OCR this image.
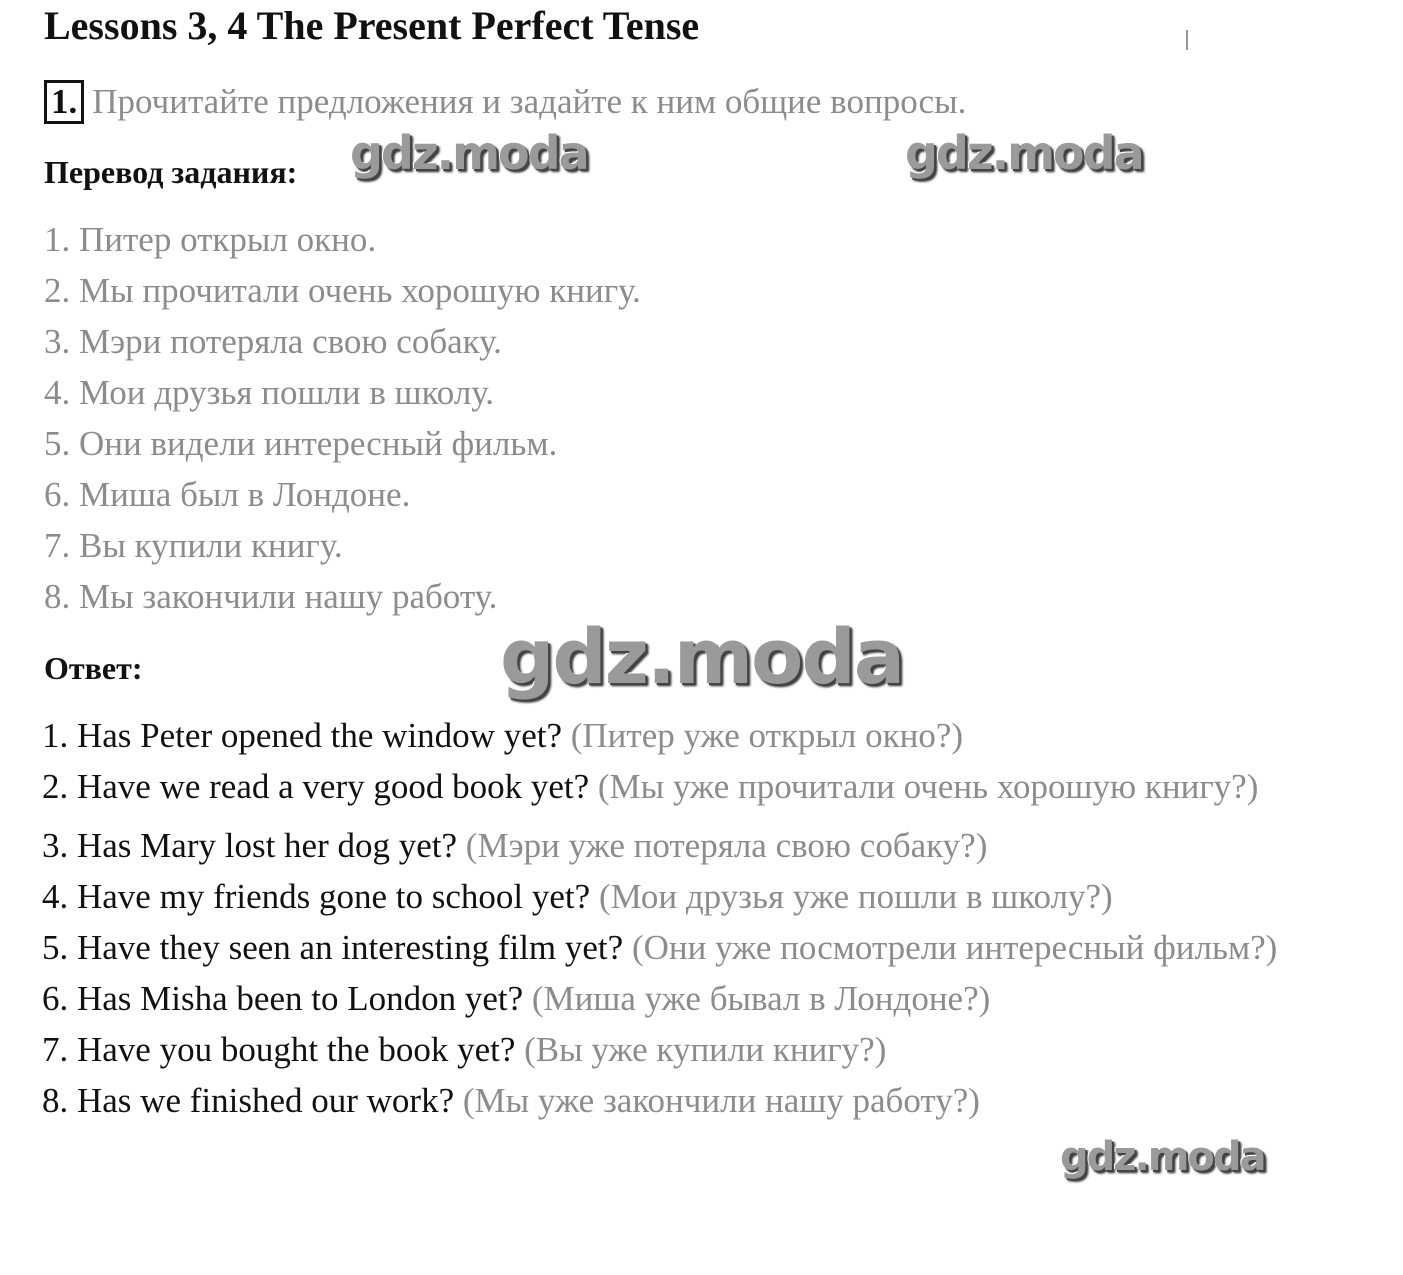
Lessons 3, 4 The Present Perfect Tense
1. Прочитайте предложения и задайте к ним общие вопросы.
Перевод задания:
1. Питер открыл окно.
2. Мы прочитали очень хорошую книгу.
3. Мэри потеряла свою собаку.
4. Мои друзья пошли в школу.
5. Они видели интересный фильм.
6. Миша был в Лондоне.
7. Вы купили книгу.
8. Мы закончили нашу работу.
Ответ:
1. Has Peter opened the window yet? (Питер уже открыл окно?)
2. Have we read a very good book yet? (Мы уже прочитали очень хорошую книгу?)
3. Has Mary lost her dog yet? (Мэри уже потеряла свою собаку?)
4. Have my friends gone to school yet? (Мои друзья уже пошли в школу?)
5. Have they seen an interesting film yet? (Они уже посмотрели интересный фильм?)
6. Has Misha been to London yet? (Миша уже бывал в Лондоне?)
7. Have you bought the book yet? (Вы уже купили книгу?)
8. Has we finished our work? (Мы уже закончили нашу работу?)
gdz.moda	gdz.moda
gdz.moda
gdz.moda
